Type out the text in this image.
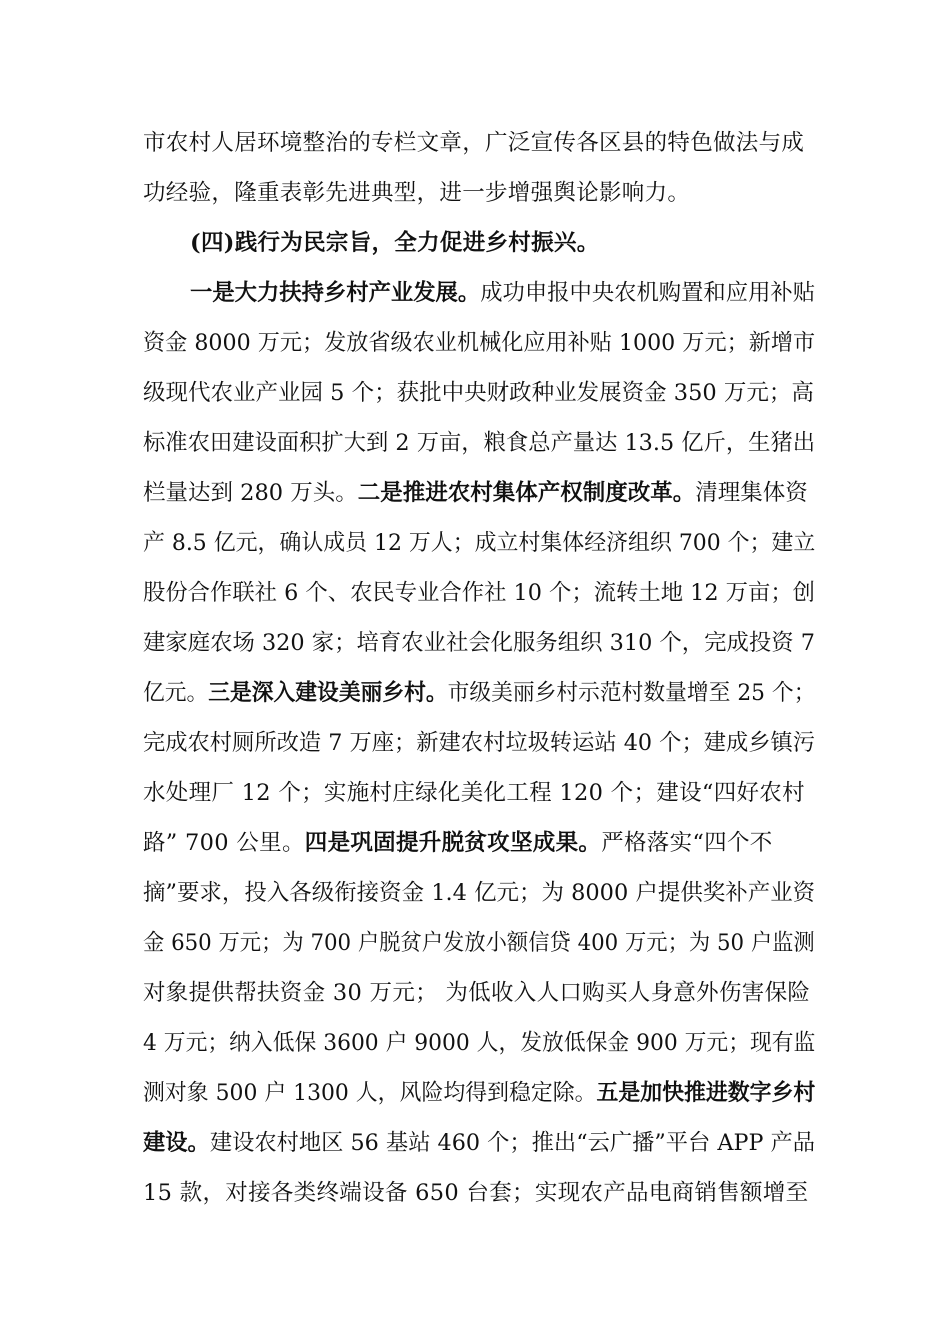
市农村人居环境整治的专栏文章，广泛宣传各区县的特色做法与成
功经验，隆重表彰先进典型，进一步增强舆论影响力。
(四)践行为民宗旨，全力促进乡村振兴。
一是大力扶持乡村产业发展。成功申报中央农机购置和应用补贴
资金 8000 万元；发放省级农业机械化应用补贴 1000 万元；新增市
级现代农业产业园 5 个；获批中央财政种业发展资金 350 万元；高
标准农田建设面积扩大到 2 万亩，粮食总产量达 13.5 亿斤，生猪出
栏量达到 280 万头。二是推进农村集体产权制度改革。清理集体资
产 8.5 亿元，确认成员 12 万人；成立村集体经济组织 700 个；建立
股份合作联社 6 个、农民专业合作社 10 个；流转土地 12 万亩；创
建家庭农场 320 家；培育农业社会化服务组织 310 个，完成投资 7
亿元。三是深入建设美丽乡村。市级美丽乡村示范村数量增至 25 个；
完成农村厕所改造 7 万座；新建农村垃圾转运站 40 个；建成乡镇污
水处理厂 12 个；实施村庄绿化美化工程 120 个；建设“四好农村
路” 700 公里。四是巩固提升脱贫攻坚成果。严格落实“四个不
摘”要求，投入各级衔接资金 1.4 亿元；为 8000 户提供奖补产业资
金 650 万元；为 700 户脱贫户发放小额信贷 400 万元；为 50 户监测
对象提供帮扶资金 30 万元； 为低收入人口购买人身意外伤害保险
4 万元；纳入低保 3600 户 9000 人，发放低保金 900 万元；现有监
测对象 500 户 1300 人，风险均得到稳定除。五是加快推进数字乡村
建设。建设农村地区 56 基站 460 个；推出“云广播”平台 APP 产品
15 款，对接各类终端设备 650 台套；实现农产品电商销售额增至
